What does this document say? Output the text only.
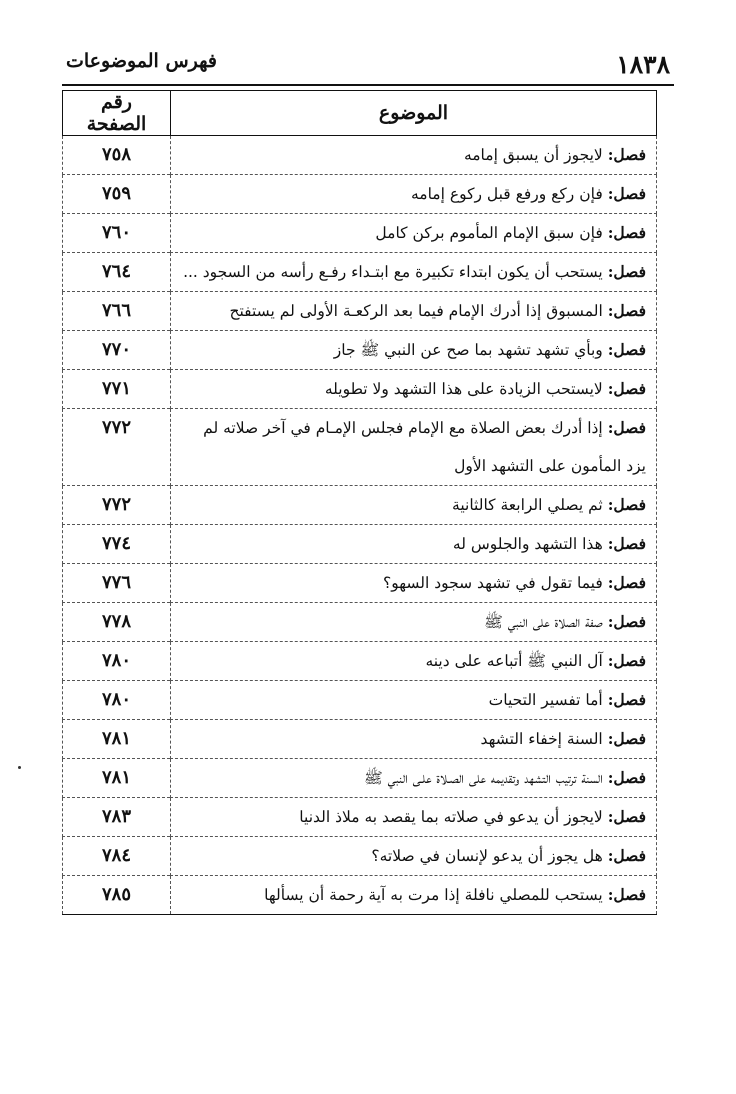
١٨٣٨
فهرس الموضوعات
الموضوع	رقم الصفحة
فصل: لايجوز أن يسبق إمامه	٧٥٨
فصل: فإن ركع ورفع قبل ركوع إمامه	٧٥٩
فصل: فإن سبق الإمام المأموم بركن كامل	٧٦٠
فصل: يستحب أن يكون ابتداء تكبيرة مع ابتـداء رفـع رأسه من السجود ...	٧٦٤
فصل: المسبوق إذا أدرك الإمام فيما بعد الركعـة الأولى لم يستفتح	٧٦٦
فصل: وبأي تشهد تشهد بما صح عن النبي ﷺ جاز	٧٧٠
فصل: لايستحب الزيادة على هذا التشهد ولا تطويله	٧٧١
فصل: إذا أدرك بعض الصلاة مع الإمام فجلس الإمـام في آخر صلاته لم يزد المأمون على التشهد الأول	٧٧٢
فصل: ثم يصلي الرابعة كالثانية	٧٧٢
فصل: هذا التشهد والجلوس له	٧٧٤
فصل: فيما تقول في تشهد سجود السهو؟	٧٧٦
فصل: صفة الصلاة على النبي ﷺ	٧٧٨
فصل: آل النبي ﷺ أتباعه على دينه	٧٨٠
فصل: أما تفسير التحيات	٧٨٠
فصل: السنة إخفاء التشهد	٧٨١
فصل: السنة ترتيب التشهد وتقديمه على الصـلاة علـى النبي ﷺ	٧٨١
فصل: لايجوز أن يدعو في صلاته بما يقصد به ملاذ الدنيا	٧٨٣
فصل: هل يجوز أن يدعو لإنسان في صلاته؟	٧٨٤
فصل: يستحب للمصلي نافلة إذا مرت به آية رحمة أن يسألها	٧٨٥
